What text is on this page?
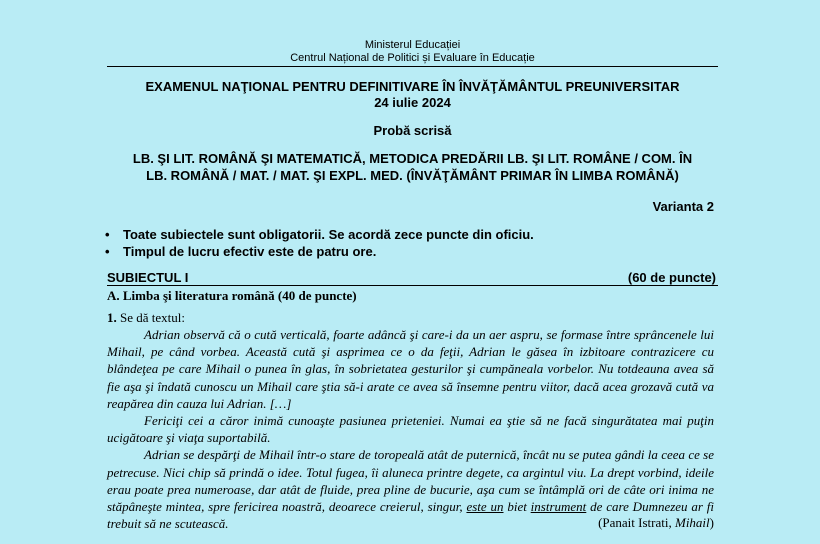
Ministerul Educației
Centrul Național de Politici și Evaluare în Educație
EXAMENUL NAŢIONAL PENTRU DEFINITIVARE ÎN ÎNVĂŢĂMÂNTUL PREUNIVERSITAR
24 iulie 2024
Probă scrisă
LB. ŞI LIT. ROMÂNĂ ŞI MATEMATICĂ, METODICA PREDĂRII LB. ŞI LIT. ROMÂNE / COM. ÎN
LB. ROMÂNĂ / MAT. / MAT. ŞI EXPL. MED. (ÎNVĂŢĂMÂNT PRIMAR ÎN LIMBA ROMÂNĂ)
Varianta 2
• Toate subiectele sunt obligatorii. Se acordă zece puncte din oficiu.
• Timpul de lucru efectiv este de patru ore.
SUBIECTUL I	(60 de puncte)
A. Limba şi literatura română (40 de puncte)
1. Se dă textul:

Adrian observă că o cută verticală, foarte adâncă şi care-i da un aer aspru, se formase între sprâncenele lui Mihail, pe când vorbea. Această cută şi asprimea ce o da feţii, Adrian le găsea în izbitoare contrazicere cu blândeţea pe care Mihail o punea în glas, în sobrietatea gesturilor şi cumpăneala vorbelor. Nu totdeauna avea să fie aşa şi îndată cunoscu un Mihail care ştia să-i arate ce avea să însemne pentru viitor, dacă acea grozavă cută va reapărea din cauza lui Adrian. […]

Fericiţi cei a căror inimă cunoaşte pasiunea prieteniei. Numai ea ştie să ne facă singurătatea mai puţin ucigătoare şi viaţa suportabilă.

Adrian se despărţi de Mihail într-o stare de toropeală atât de puternică, încât nu se putea gândi la ceea ce se petrecuse. Nici chip să prindă o idee. Totul fugea, îi aluneca printre degete, ca argintul viu. La drept vorbind, ideile erau poate prea numeroase, dar atât de fluide, prea pline de bucurie, aşa cum se întâmplă ori de câte ori inima ne stăpâneşte mintea, spre fericirea noastră, deoarece creierul, singur, este un biet instrument de care Dumnezeu ar fi trebuit să ne scutească.	(Panait Istrati, Mihail)
